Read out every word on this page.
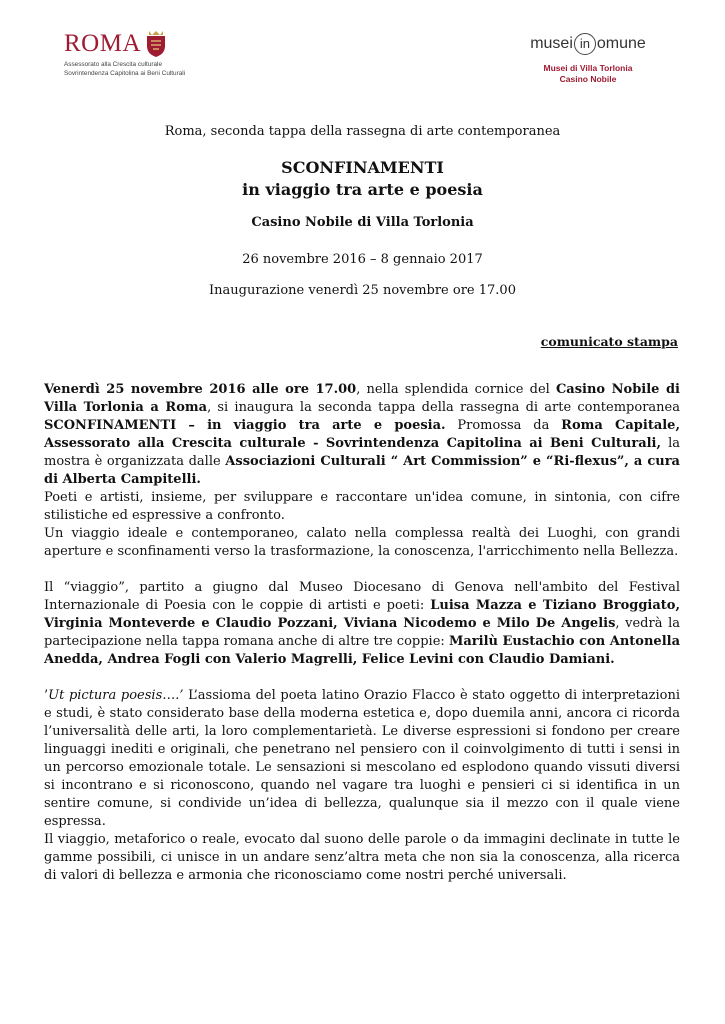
ROMA
Assessorato alla Crescita culturale
Sovrintendenza Capitolina ai Beni Culturali
musei in omune
Musei di Villa Torlonia
Casino Nobile
Roma, seconda tappa della rassegna di arte contemporanea
SCONFINAMENTI
in viaggio tra arte e poesia
Casino Nobile di Villa Torlonia
26 novembre 2016 – 8 gennaio 2017
Inaugurazione venerdì 25 novembre ore 17.00
comunicato stampa

Venerdì 25 novembre 2016 alle ore 17.00, nella splendida cornice del Casino Nobile di Villa Torlonia a Roma, si inaugura la seconda tappa della rassegna di arte contemporanea SCONFINAMENTI – in viaggio tra arte e poesia. Promossa da Roma Capitale, Assessorato alla Crescita culturale - Sovrintendenza Capitolina ai Beni Culturali, la mostra è organizzata dalle Associazioni Culturali “ Art Commission” e “Ri-flexus”, a cura di Alberta Campitelli.

Poeti e artisti, insieme, per sviluppare e raccontare un'idea comune, in sintonia, con cifre stilistiche ed espressive a confronto.

Un viaggio ideale e contemporaneo, calato nella complessa realtà dei Luoghi, con grandi aperture e sconfinamenti verso la trasformazione, la conoscenza, l'arricchimento nella Bellezza.

Il “viaggio”, partito a giugno dal Museo Diocesano di Genova nell'ambito del Festival Internazionale di Poesia con le coppie di artisti e poeti: Luisa Mazza e Tiziano Broggiato, Virginia Monteverde e Claudio Pozzani, Viviana Nicodemo e Milo De Angelis, vedrà la partecipazione nella tappa romana anche di altre tre coppie: Marilù Eustachio con Antonella Anedda, Andrea Fogli con Valerio Magrelli, Felice Levini con Claudio Damiani.

’Ut pictura poesis….’ L’assioma del poeta latino Orazio Flacco è stato oggetto di interpretazioni e studi, è stato considerato base della moderna estetica e, dopo duemila anni, ancora ci ricorda l’universalità delle arti, la loro complementarietà. Le diverse espressioni si fondono per creare linguaggi inediti e originali, che penetrano nel pensiero con il coinvolgimento di tutti i sensi in un percorso emozionale totale. Le sensazioni si mescolano ed esplodono quando vissuti diversi si incontrano e si riconoscono, quando nel vagare tra luoghi e pensieri ci si identifica in un sentire comune, si condivide un’idea di bellezza, qualunque sia il mezzo con il quale viene espressa.

Il viaggio, metaforico o reale, evocato dal suono delle parole o da immagini declinate in tutte le gamme possibili, ci unisce in un andare senz’altra meta che non sia la conoscenza, alla ricerca di valori di bellezza e armonia che riconosciamo come nostri perché universali.
